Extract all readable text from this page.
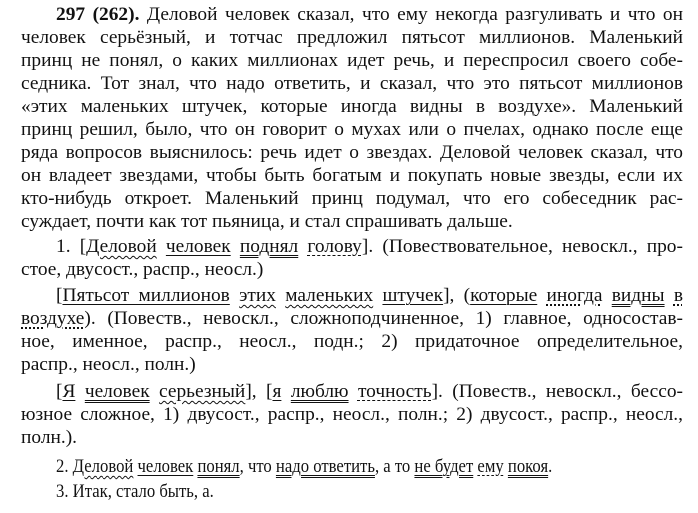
297 (262). Деловой человек сказал, что ему некогда разгуливать и что он
человек серьёзный, и тотчас предложил пятьсот миллионов. Маленький
принц не понял, о каких миллионах идет речь, и переспросил своего собе-
седника. Тот знал, что надо ответить, и сказал, что это пятьсот миллионов
«этих маленьких штучек, которые иногда видны в воздухе». Маленький
принц решил, было, что он говорит о мухах или о пчелах, однако после еще
ряда вопросов выяснилось: речь идет о звездах. Деловой человек сказал, что
он владеет звездами, чтобы быть богатым и покупать новые звезды, если их
кто-нибудь откроет. Маленький принц подумал, что его собеседник рас-
суждает, почти как тот пьяница, и стал спрашивать дальше.
1. [Деловой человек поднял голову]. (Повествовательное, невоскл., про-
стое, двусост., распр., неосл.)
[Пятьсот миллионов этих маленьких штучек], (которые иногда видны в
воздухе). (Повеств., невоскл., сложноподчиненное, 1) главное, односостав-
ное, именное, распр., неосл., подн.; 2) придаточное определительное,
распр., неосл., полн.)
[Я человек серьезный], [я люблю точность]. (Повеств., невоскл., бессо-
юзное сложное, 1) двусост., распр., неосл., полн.; 2) двусост., распр., неосл.,
полн.).
2. Деловой человек понял, что надо ответить, а то не будет ему покоя.
3. Итак, стало быть, а.
